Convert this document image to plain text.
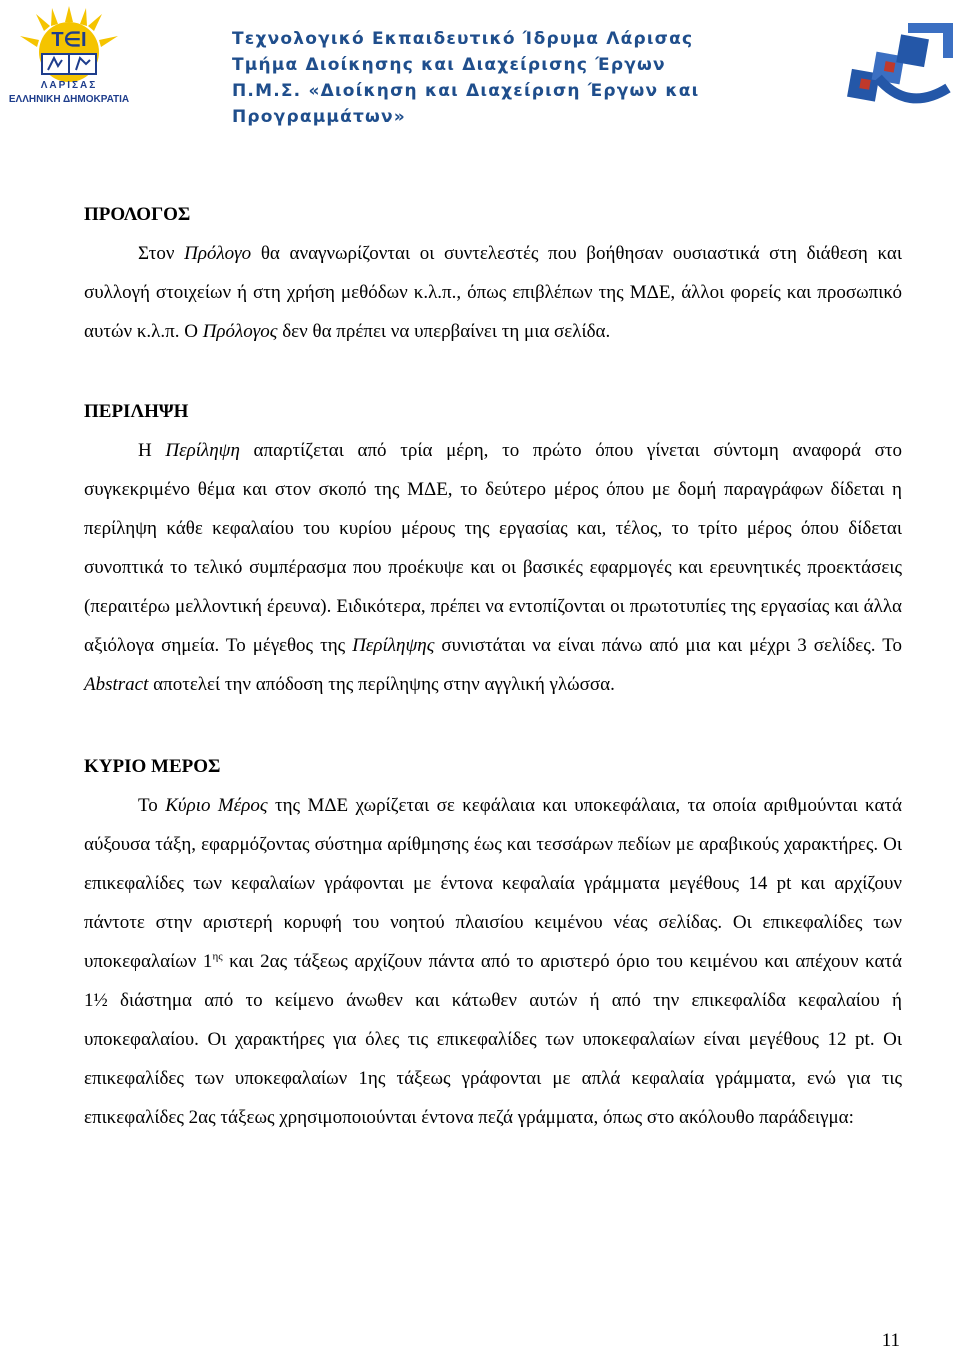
T∈I
ΛΑΡΙΣΑΣ
ΕΛΛΗΝΙΚΗ ΔΗΜΟΚΡΑΤΙΑ
Τεχνολογικό Εκπαιδευτικό Ίδρυμα Λάρισας
Τμήμα Διοίκησης και Διαχείρισης Έργων
Π.Μ.Σ. «Διοίκηση και Διαχείριση Έργων και
Προγραμμάτων»
ΠΡΟΛΟΓΟΣ

Στον Πρόλογο θα αναγνωρίζονται οι συντελεστές που βοήθησαν ουσιαστικά στη διάθεση και συλλογή στοιχείων ή στη χρήση μεθόδων κ.λ.π., όπως επιβλέπων της ΜΔΕ, άλλοι φορείς και προσωπικό αυτών κ.λ.π. Ο Πρόλογος δεν θα πρέπει να υπερβαίνει τη μια σελίδα.

ΠΕΡΙΛΗΨΗ

Η Περίληψη απαρτίζεται από τρία μέρη, το πρώτο όπου γίνεται σύντομη αναφορά στο συγκεκριμένο θέμα και στον σκοπό της ΜΔΕ, το δεύτερο μέρος όπου με δομή παραγράφων δίδεται η περίληψη κάθε κεφαλαίου του κυρίου μέρους της εργασίας και, τέλος, το τρίτο μέρος όπου δίδεται συνοπτικά το τελικό συμπέρασμα που προέκυψε και οι βασικές εφαρμογές και ερευνητικές προεκτάσεις (περαιτέρω μελλοντική έρευνα). Ειδικότερα, πρέπει να εντοπίζονται οι πρωτοτυπίες της εργασίας και άλλα αξιόλογα σημεία. Το μέγεθος της Περίληψης συνιστάται να είναι πάνω από μια και μέχρι 3 σελίδες. Το Abstract αποτελεί την απόδοση της περίληψης στην αγγλική γλώσσα.

ΚΥΡΙΟ ΜΕΡΟΣ

Το Κύριο Μέρος της ΜΔΕ χωρίζεται σε κεφάλαια και υποκεφάλαια, τα οποία αριθμούνται κατά αύξουσα τάξη, εφαρμόζοντας σύστημα αρίθμησης έως και τεσσάρων πεδίων με αραβικούς χαρακτήρες. Οι επικεφαλίδες των κεφαλαίων γράφονται με έντονα κεφαλαία γράμματα μεγέθους 14 pt και αρχίζουν πάντοτε στην αριστερή κορυφή του νοητού πλαισίου κειμένου νέας σελίδας. Οι επικεφαλίδες των υποκεφαλαίων $1^{\eta\varsigma}$ και 2ας τάξεως αρχίζουν πάντα από το αριστερό όριο του κειμένου και απέχουν κατά 1½ διάστημα από το κείμενο άνωθεν και κάτωθεν αυτών ή από την επικεφαλίδα κεφαλαίου ή υποκεφαλαίου. Οι χαρακτήρες για όλες τις επικεφαλίδες των υποκεφαλαίων είναι μεγέθους 12 pt. Οι επικεφαλίδες των υποκεφαλαίων 1ης τάξεως γράφονται με απλά κεφαλαία γράμματα, ενώ για τις επικεφαλίδες 2ας τάξεως χρησιμοποιούνται έντονα πεζά γράμματα, όπως στο ακόλουθο παράδειγμα:

11
